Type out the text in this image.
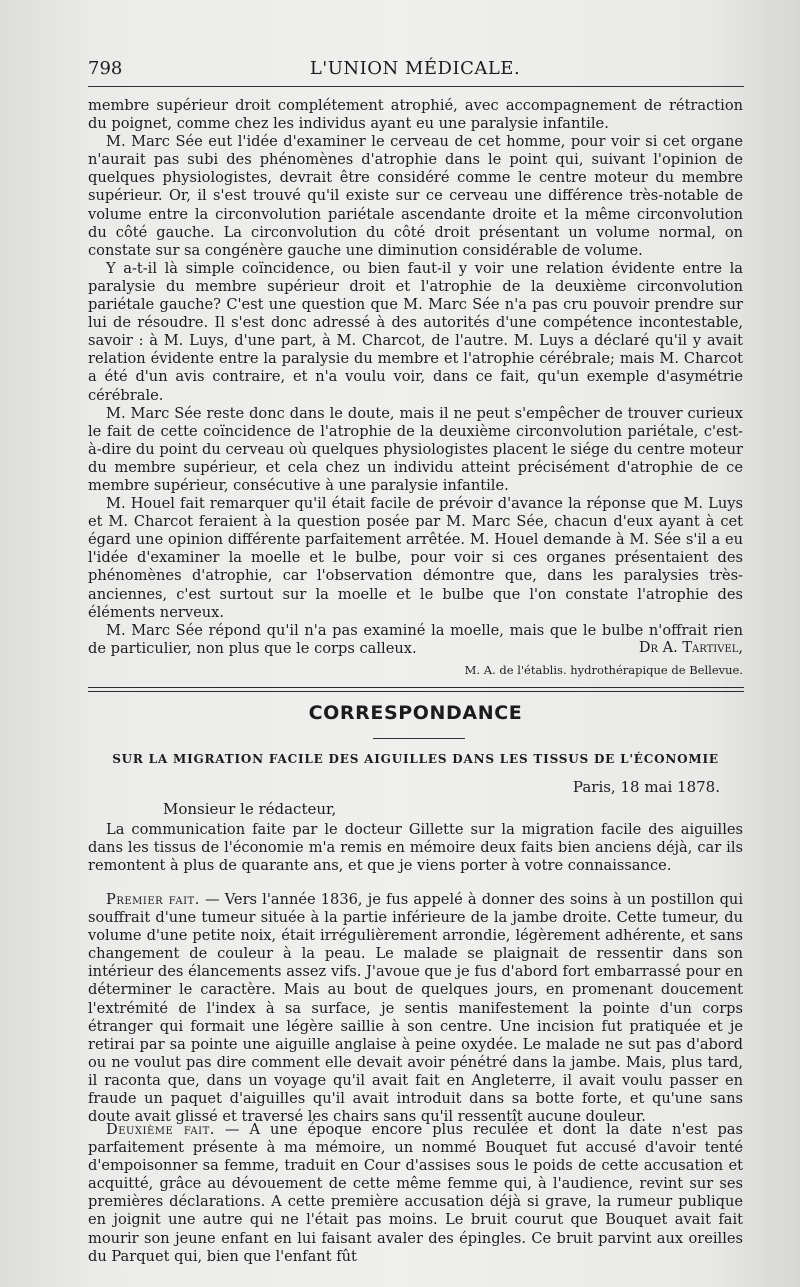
798	L'UNION MÉDICALE.

membre supérieur droit complétement atrophié, avec accompagnement de rétraction du poignet, comme chez les individus ayant eu une paralysie infantile.

M. Marc Sée eut l'idée d'examiner le cerveau de cet homme, pour voir si cet organe n'aurait pas subi des phénomènes d'atrophie dans le point qui, suivant l'opinion de quelques physiologistes, devrait être considéré comme le centre moteur du membre supérieur. Or, il s'est trouvé qu'il existe sur ce cerveau une différence très-notable de volume entre la circonvolution pariétale ascendante droite et la même circonvolution du côté gauche. La circonvolution du côté droit présentant un volume normal, on constate sur sa congénère gauche une diminution considérable de volume.

Y a-t-il là simple coïncidence, ou bien faut-il y voir une relation évidente entre la paralysie du membre supérieur droit et l'atrophie de la deuxième circonvolution pariétale gauche? C'est une question que M. Marc Sée n'a pas cru pouvoir prendre sur lui de résoudre. Il s'est donc adressé à des autorités d'une compétence incontestable, savoir : à M. Luys, d'une part, à M. Charcot, de l'autre. M. Luys a déclaré qu'il y avait relation évidente entre la paralysie du membre et l'atrophie cérébrale; mais M. Charcot a été d'un avis contraire, et n'a voulu voir, dans ce fait, qu'un exemple d'asymétrie cérébrale.

M. Marc Sée reste donc dans le doute, mais il ne peut s'empêcher de trouver curieux le fait de cette coïncidence de l'atrophie de la deuxième circonvolution pariétale, c'est-à-dire du point du cerveau où quelques physiologistes placent le siége du centre moteur du membre supérieur, et cela chez un individu atteint précisément d'atrophie de ce membre supérieur, consécutive à une paralysie infantile.

M. Houel fait remarquer qu'il était facile de prévoir d'avance la réponse que M. Luys et M. Charcot feraient à la question posée par M. Marc Sée, chacun d'eux ayant à cet égard une opinion différente parfaitement arrêtée. M. Houel demande à M. Sée s'il a eu l'idée d'examiner la moelle et le bulbe, pour voir si ces organes présentaient des phénomènes d'atrophie, car l'observation démontre que, dans les paralysies très-anciennes, c'est surtout sur la moelle et le bulbe que l'on constate l'atrophie des éléments nerveux.

M. Marc Sée répond qu'il n'a pas examiné la moelle, mais que le bulbe n'offrait rien de particulier, non plus que le corps calleux.	Dr A. Tartivel,
M. A. de l'établis. hydrothérapique de Bellevue.
CORRESPONDANCE
SUR LA MIGRATION FACILE DES AIGUILLES DANS LES TISSUS DE L'ÉCONOMIE
Paris, 18 mai 1878.
Monsieur le rédacteur,

La communication faite par le docteur Gillette sur la migration facile des aiguilles dans les tissus de l'économie m'a remis en mémoire deux faits bien anciens déjà, car ils remontent à plus de quarante ans, et que je viens porter à votre connaissance.

Premier fait. — Vers l'année 1836, je fus appelé à donner des soins à un postillon qui souffrait d'une tumeur située à la partie inférieure de la jambe droite. Cette tumeur, du volume d'une petite noix, était irrégulièrement arrondie, légèrement adhérente, et sans changement de couleur à la peau. Le malade se plaignait de ressentir dans son intérieur des élancements assez vifs. J'avoue que je fus d'abord fort embarrassé pour en déterminer le caractère. Mais au bout de quelques jours, en promenant doucement l'extrémité de l'index à sa surface, je sentis manifestement la pointe d'un corps étranger qui formait une légère saillie à son centre. Une incision fut pratiquée et je retirai par sa pointe une aiguille anglaise à peine oxydée. Le malade ne sut pas d'abord ou ne voulut pas dire comment elle devait avoir pénétré dans la jambe. Mais, plus tard, il raconta que, dans un voyage qu'il avait fait en Angleterre, il avait voulu passer en fraude un paquet d'aiguilles qu'il avait introduit dans sa botte forte, et qu'une sans doute avait glissé et traversé les chairs sans qu'il ressentît aucune douleur.

Deuxième fait. — A une époque encore plus reculée et dont la date n'est pas parfaitement présente à ma mémoire, un nommé Bouquet fut accusé d'avoir tenté d'empoisonner sa femme, traduit en Cour d'assises sous le poids de cette accusation et acquitté, grâce au dévouement de cette même femme qui, à l'audience, revint sur ses premières déclarations. A cette première accusation déjà si grave, la rumeur publique en joignit une autre qui ne l'était pas moins. Le bruit courut que Bouquet avait fait mourir son jeune enfant en lui faisant avaler des épingles. Ce bruit parvint aux oreilles du Parquet qui, bien que l'enfant fût
